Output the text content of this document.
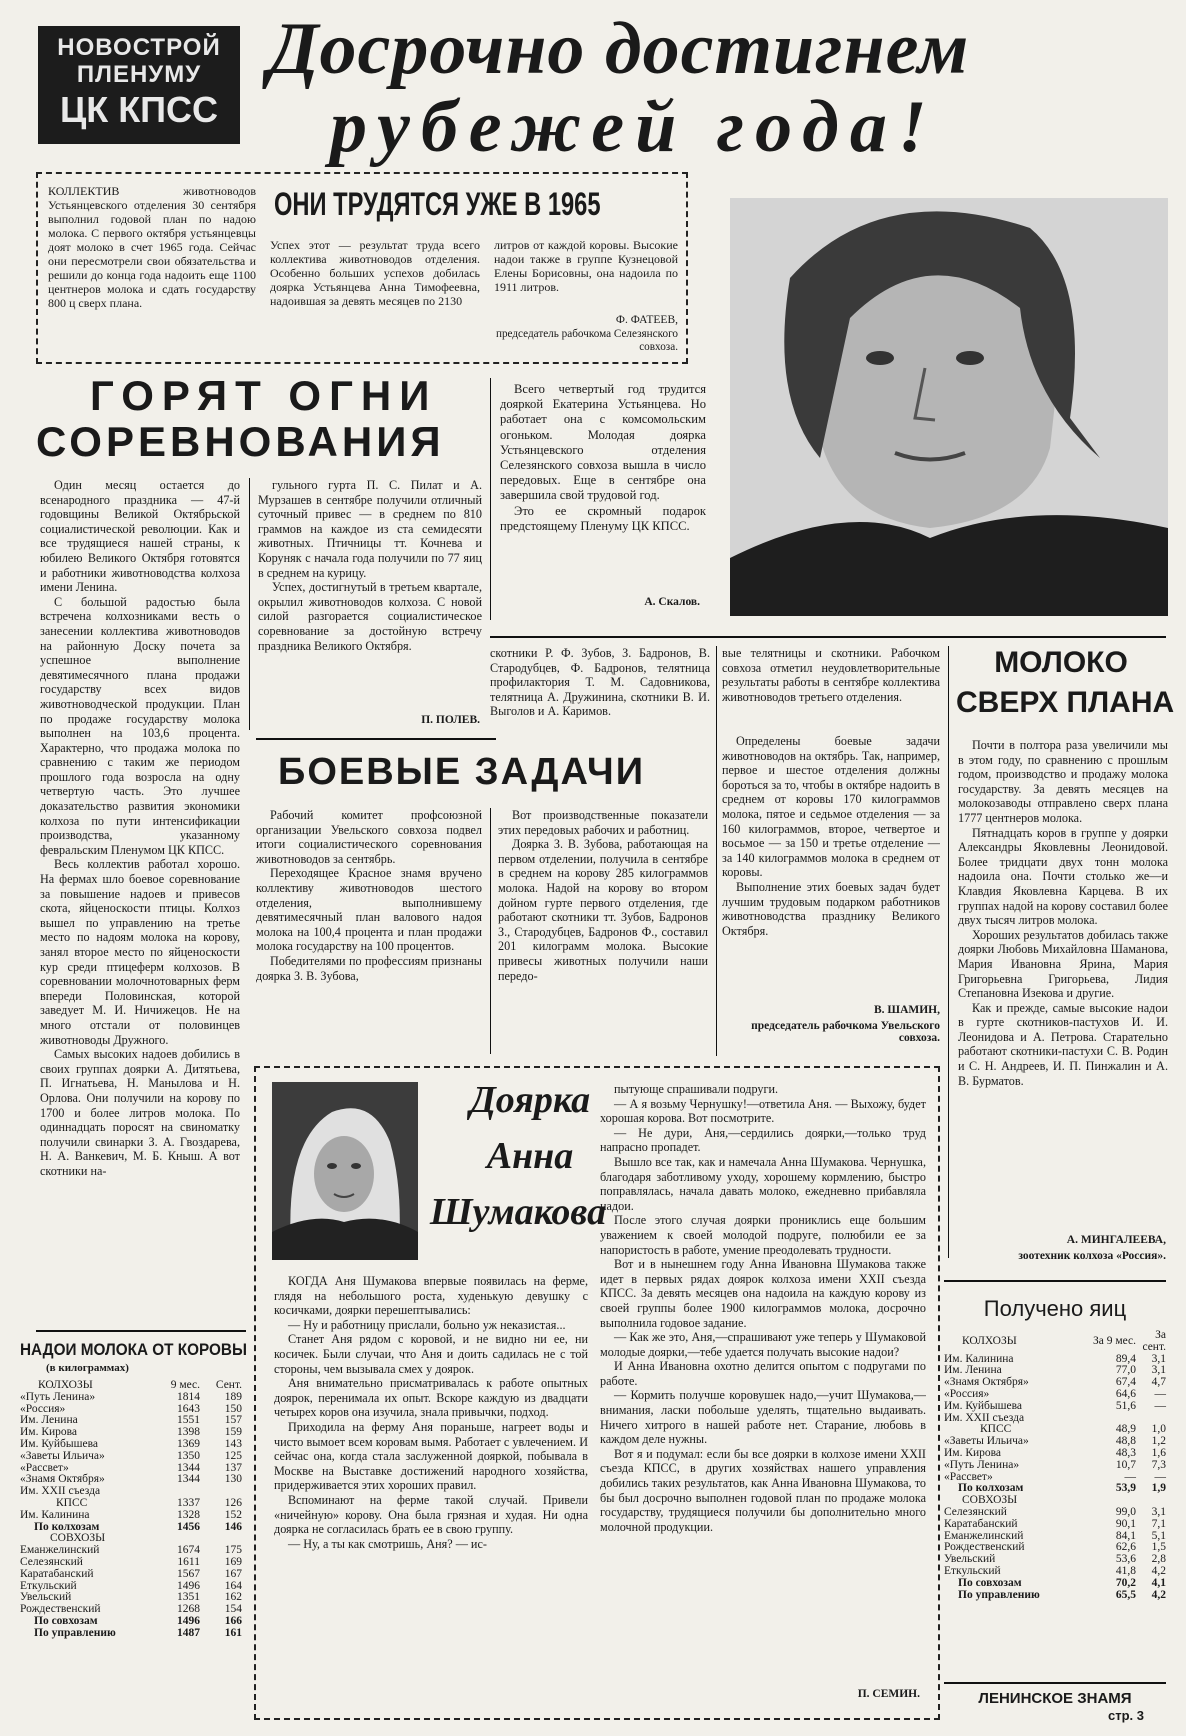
НОВОСТРОЙ
ПЛЕНУМУ
ЦК КПСС
Досрочно достигнем
рубежей года!
КОЛЛЕКТИВ животноводов Устьянцевского отделения 30 сентября выполнил годовой план по надою молока. С первого октября устьянцевцы доят молоко в счет 1965 года. Сейчас они пересмотрели свои обязательства и решили до конца года надоить еще 1100 центнеров молока и сдать государству 800 ц сверх плана.
ОНИ ТРУДЯТСЯ УЖЕ В 1965
Успех этот — результат труда всего коллектива животноводов отделения. Особенно больших успехов добилась доярка Устьянцева Анна Тимофеевна, надоившая за девять месяцев по 2130
литров от каждой коровы. Высокие надои также в группе Кузнецовой Елены Борисовны, она надоила по 1911 литров.
Ф. ФАТЕЕВ,
председатель рабочкома Селезянского совхоза.
ГОРЯТ ОГНИ
СОРЕВНОВАНИЯ

Один месяц остается до всенародного праздника — 47-й годовщины Великой Октябрьской социалистической революции. Как и все трудящиеся нашей страны, к юбилею Великого Октября готовятся и работники животноводства колхоза имени Ленина.

С большой радостью была встречена колхозниками весть о занесении коллектива животноводов на районную Доску почета за успешное выполнение девятимесячного плана продажи государству всех видов животноводческой продукции. План по продаже государству молока выполнен на 103,6 процента. Характерно, что продажа молока по сравнению с таким же периодом прошлого года возросла на одну четвертую часть. Это лучшее доказательство развития экономики колхоза по пути интенсификации производства, указанному февральским Пленумом ЦК КПСС.

Весь коллектив работал хорошо. На фермах шло боевое соревнование за повышение надоев и привесов скота, яйценоскости птицы. Колхоз вышел по управлению на третье место по надоям молока на корову, занял второе место по яйценоскости кур среди птицеферм колхозов. В соревновании молочнотоварных ферм впереди Половинская, которой заведует М. И. Ничижецов. Не на много отстали от половинцев животноводы Дружного.

Самых высоких надоев добились в своих группах доярки А. Дитятьева, П. Игнатьева, Н. Манылова и Н. Орлова. Они получили на корову по 1700 и более литров молока. По одиннадцать поросят на свиноматку получили свинарки З. А. Гвоздарева, Н. А. Ванкевич, М. Б. Кныш. А вот скотники на-

гульного гурта П. С. Пилат и А. Мурзашев в сентябре получили отличный суточный привес — в среднем по 810 граммов на каждое из ста семидесяти животных. Птичницы тт. Кочнева и Коруняк с начала года получили по 77 яиц в среднем на курицу.

Успех, достигнутый в третьем квартале, окрылил животноводов колхоза. С новой силой разгорается социалистическое соревнование за достойную встречу праздника Великого Октября.

П. ПОЛЕВ.

Всего четвертый год трудится дояркой Екатерина Устьянцева. Но работает она с комсомольским огоньком. Молодая доярка Устьянцевского отделения Селезянского совхоза вышла в число передовых. Еще в сентябре она завершила свой трудовой год.

Это ее скромный подарок предстоящему Пленуму ЦК КПСС.

А. Скалов.
скотники Р. Ф. Зубов, З. Бадронов, В. Стародубцев, Ф. Бадронов, телятница профилактория Т. М. Садовникова, телятница А. Дружинина, скотники В. И. Выголов и А. Каримов.
вые телятницы и скотники. Рабочком совхоза отметил неудовлетворительные результаты работы в сентябре коллектива животноводов третьего отделения.
БОЕВЫЕ ЗАДАЧИ

Рабочий комитет профсоюзной организации Увельского совхоза подвел итоги социалистического соревнования животноводов за сентябрь.

Переходящее Красное знамя вручено коллективу животноводов шестого отделения, выполнившему девятимесячный план валового надоя молока на 100,4 процента и план продажи молока государству на 100 процентов.

Победителями по профессиям признаны доярка З. В. Зубова,

Вот производственные показатели этих передовых рабочих и работниц.

Доярка З. В. Зубова, работающая на первом отделении, получила в сентябре в среднем на корову 285 килограммов молока. Надой на корову во втором дойном гурте первого отделения, где работают скотники тт. Зубов, Бадронов З., Стародубцев, Бадронов Ф., составил 201 килограмм молока. Высокие привесы животных получили наши передо-

Определены боевые задачи животноводов на октябрь. Так, например, первое и шестое отделения должны бороться за то, чтобы в октябре надоить в среднем от коровы 170 килограммов молока, пятое и седьмое отделения — за 160 килограммов, второе, четвертое и восьмое — за 150 и третье отделение — за 140 килограммов молока в среднем от коровы.

Выполнение этих боевых задач будет лучшим трудовым подарком работников животноводства празднику Великого Октября.

В. ШАМИН,
председатель рабочкома Увельского совхоза.
МОЛОКО
СВЕРХ ПЛАНА

Почти в полтора раза увеличили мы в этом году, по сравнению с прошлым годом, производство и продажу молока государству. За девять месяцев на молокозаводы отправлено сверх плана 1777 центнеров молока.

Пятнадцать коров в группе у доярки Александры Яковлевны Леонидовой. Более тридцати двух тонн молока надоила она. Почти столько же—и Клавдия Яковлевна Карцева. В их группах надой на корову составил более двух тысяч литров молока.

Хороших результатов добилась также доярки Любовь Михайловна Шаманова, Мария Ивановна Ярина, Мария Григорьевна Григорьева, Лидия Степановна Изекова и другие.

Как и прежде, самые высокие надои в гурте скотников-пастухов И. И. Леонидова и А. Петрова. Старательно работают скотники-пастухи С. В. Родин и С. Н. Андреев, И. П. Пинжалин и А. В. Бурматов.

А. МИНГАЛЕЕВА,
зоотехник колхоза «Россия».
Доярка
Анна
Шумакова

КОГДА Аня Шумакова впервые появилась на ферме, глядя на небольшого роста, худенькую девушку с косичками, доярки перешептывались:

— Ну и работницу прислали, больно уж неказистая...

Станет Аня рядом с коровой, и не видно ни ее, ни косичек. Были случаи, что Аня и доить садилась не с той стороны, чем вызывала смех у доярок.

Аня внимательно присматривалась к работе опытных доярок, перенимала их опыт. Вскоре каждую из двадцати четырех коров она изучила, знала привычки, подход.

Приходила на ферму Аня пораньше, нагреет воды и чисто вымоет всем коровам вымя. Работает с увлечением. И сейчас она, когда стала заслуженной дояркой, побывала в Москве на Выставке достижений народного хозяйства, придерживается этих хороших правил.

Вспоминают на ферме такой случай. Привели «ничейную» корову. Она была грязная и худая. Ни одна доярка не согласилась брать ее в свою группу.

— Ну, а ты как смотришь, Аня? — ис-

пытующе спрашивали подруги.

— А я возьму Чернушку!—ответила Аня. — Выхожу, будет хорошая корова. Вот посмотрите.

— Не дури, Аня,—сердились доярки,—только труд напрасно пропадет.

Вышло все так, как и намечала Анна Шумакова. Чернушка, благодаря заботливому уходу, хорошему кормлению, быстро поправлялась, начала давать молоко, ежедневно прибавляла надои.

После этого случая доярки прониклись еще большим уважением к своей молодой подруге, полюбили ее за напористость в работе, умение преодолевать трудности.

Вот и в нынешнем году Анна Ивановна Шумакова также идет в первых рядах доярок колхоза имени XXII съезда КПСС. За девять месяцев она надоила на каждую корову из своей группы более 1900 килограммов молока, досрочно выполнила годовое задание.

— Как же это, Аня,—спрашивают уже теперь у Шумаковой молодые доярки,—тебе удается получать высокие надои?

И Анна Ивановна охотно делится опытом с подругами по работе.

— Кормить получше коровушек надо,—учит Шумакова,—внимания, ласки побольше уделять, тщательно выдаивать. Ничего хитрого в нашей работе нет. Старание, любовь в каждом деле нужны.

Вот я и подумал: если бы все доярки в колхозе имени XXII съезда КПСС, в других хозяйствах нашего управления добились таких результатов, как Анна Ивановна Шумакова, то бы был досрочно выполнен годовой план по продаже молока государству, трудящиеся получили бы дополнительно много молочной продукции.

П. СЕМИН.
НАДОИ МОЛОКА ОТ КОРОВЫ
(в килограммах)
КОЛХОЗЫ	9 мес.	Сент.
«Путь Ленина»	1814	189
«Россия»	1643	150
Им. Ленина	1551	157
Им. Кирова	1398	159
Им. Куйбышева	1369	143
«Заветы Ильича»	1350	125
«Рассвет»	1344	137
«Знамя Октября»	1344	130
Им. XXII съезда		
КПСС	1337	126
Им. Калинина	1328	152
По колхозам	1456	146
СОВХОЗЫ		
Еманжелинский	1674	175
Селезянский	1611	169
Каратабанский	1567	167
Еткульский	1496	164
Увельский	1351	162
Рождественский	1268	154
По совхозам	1496	166
По управлению	1487	161
Получено яиц
КОЛХОЗЫ	За 9 мес.	За сент.
Им. Калинина	89,4	3,1
Им. Ленина	77,0	3,1
«Знамя Октября»	67,4	4,7
«Россия»	64,6	—
Им. Куйбышева	51,6	—
Им. XXII съезда		
КПСС	48,9	1,0
«Заветы Ильича»	48,8	1,2
Им. Кирова	48,3	1,6
«Путь Ленина»	10,7	7,3
«Рассвет»	—	—
По колхозам	53,9	1,9
СОВХОЗЫ		
Селезянский	99,0	3,1
Каратабанский	90,1	7,1
Еманжелинский	84,1	5,1
Рождественский	62,6	1,5
Увельский	53,6	2,8
Еткульский	41,8	4,2
По совхозам	70,2	4,1
По управлению	65,5	4,2
ЛЕНИНСКОЕ ЗНАМЯ
стр. 3
